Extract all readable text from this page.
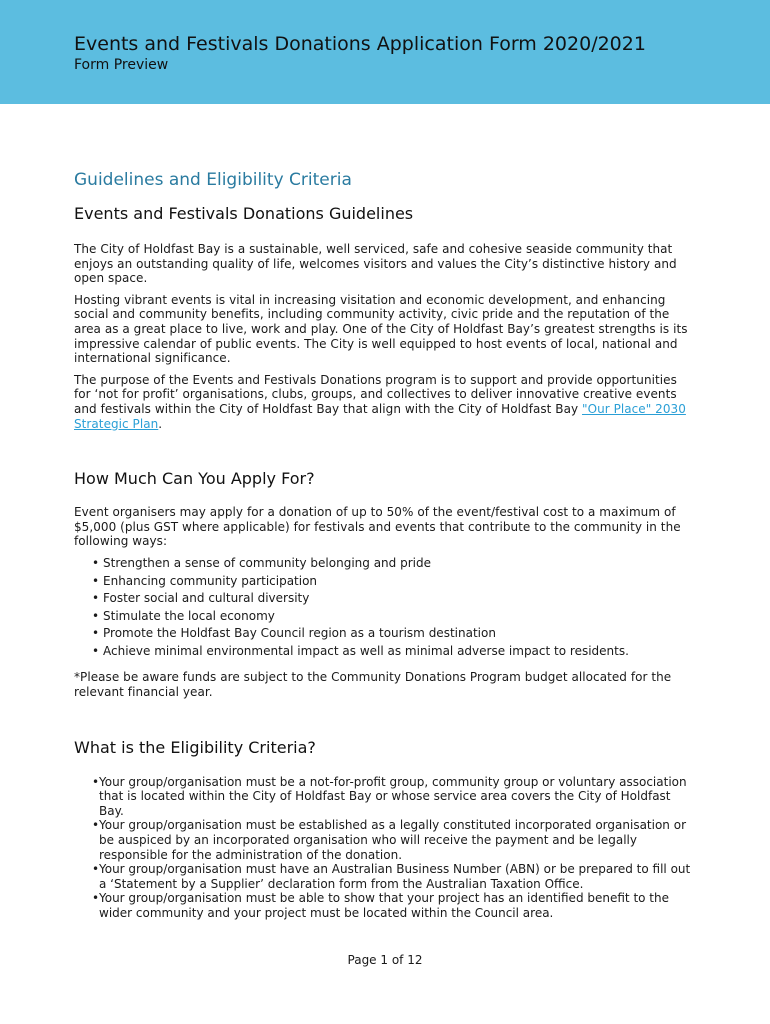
Events and Festivals Donations Application Form 2020/2021
Form Preview
Guidelines and Eligibility Criteria
Events and Festivals Donations Guidelines

The City of Holdfast Bay is a sustainable, well serviced, safe and cohesive seaside community that enjoys an outstanding quality of life, welcomes visitors and values the City’s distinctive history and open space.

Hosting vibrant events is vital in increasing visitation and economic development, and enhancing social and community benefits, including community activity, civic pride and the reputation of the area as a great place to live, work and play. One of the City of Holdfast Bay’s greatest strengths is its impressive calendar of public events. The City is well equipped to host events of local, national and international significance.

The purpose of the Events and Festivals Donations program is to support and provide opportunities for ‘not for profit’ organisations, clubs, groups, and collectives to deliver innovative creative events and festivals within the City of Holdfast Bay that align with the City of Holdfast Bay "Our Place" 2030 Strategic Plan.

How Much Can You Apply For?

Event organisers may apply for a donation of up to 50% of the event/festival cost to a maximum of $5,000 (plus GST where applicable) for festivals and events that contribute to the community in the following ways:

• Strengthen a sense of community belonging and pride
• Enhancing community participation
• Foster social and cultural diversity
• Stimulate the local economy
• Promote the Holdfast Bay Council region as a tourism destination
• Achieve minimal environmental impact as well as minimal adverse impact to residents.

*Please be aware funds are subject to the Community Donations Program budget allocated for the relevant financial year.

What is the Eligibility Criteria?
• Your group/organisation must be a not-for-profit group, community group or voluntary association that is located within the City of Holdfast Bay or whose service area covers the City of Holdfast Bay.
• Your group/organisation must be established as a legally constituted incorporated organisation or be auspiced by an incorporated organisation who will receive the payment and be legally responsible for the administration of the donation.
• Your group/organisation must have an Australian Business Number (ABN) or be prepared to fill out a ‘Statement by a Supplier’ declaration form from the Australian Taxation Office.
• Your group/organisation must be able to show that your project has an identified benefit to the wider community and your project must be located within the Council area.
Page 1 of 12
